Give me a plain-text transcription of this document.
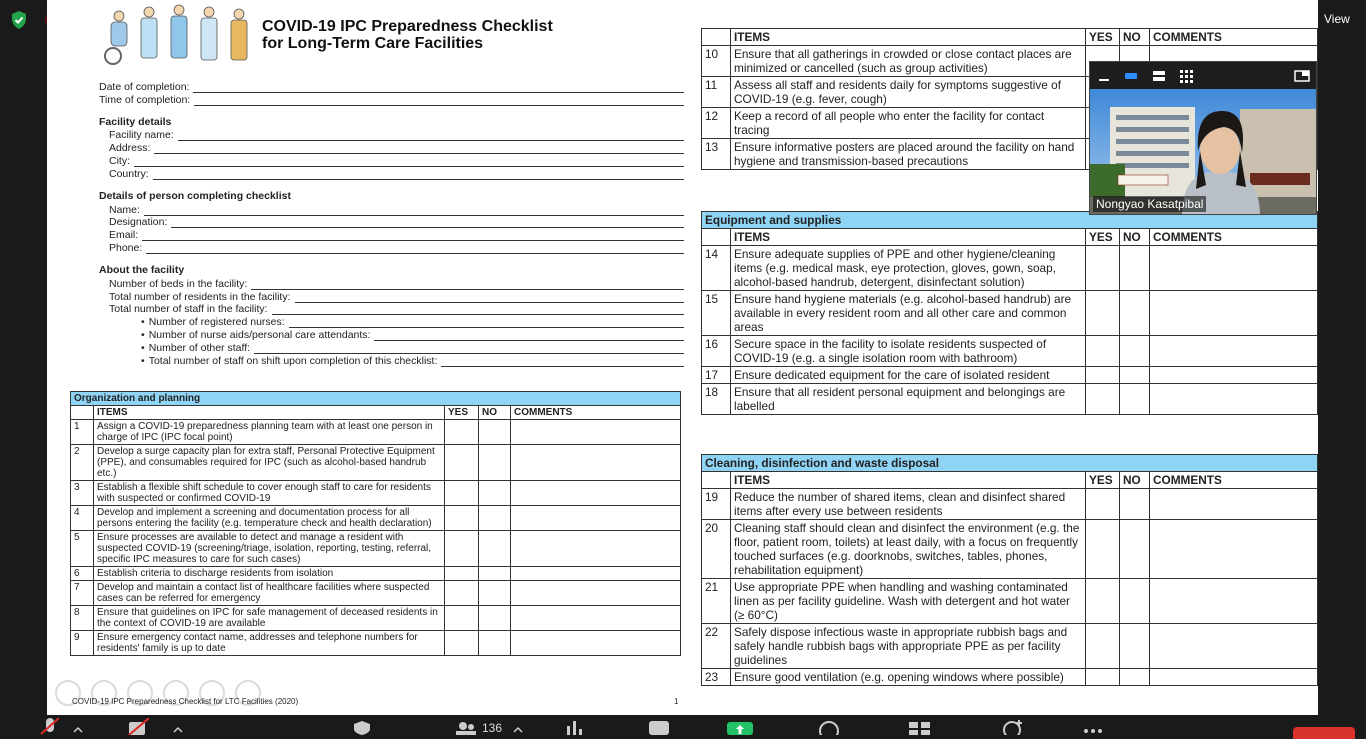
View
COVID-19 IPC Preparedness Checklist
for Long-Term Care Facilities
Date of completion:
Time of completion:
Facility details
Facility name:
Address:
City:
Country:
Details of person completing checklist
Name:
Designation:
Email:
Phone:
About the facility
Number of beds in the facility:
Total number of residents in the facility:
Total number of staff in the facility:
• Number of registered nurses:
• Number of nurse aids/personal care attendants:
• Number of other staff:
• Total number of staff on shift upon completion of this checklist:
Organization and planning				
	ITEMS	YES	NO	COMMENTS
1	Assign a COVID-19 preparedness planning team with at least one person in charge of IPC (IPC focal point)			
2	Develop a surge capacity plan for extra staff, Personal Protective Equipment (PPE), and consumables required for IPC (such as alcohol-based handrub etc.)			
3	Establish a flexible shift schedule to cover enough staff to care for residents with suspected or confirmed COVID-19			
4	Develop and implement a screening and documentation process for all persons entering the facility (e.g. temperature check and health declaration)			
5	Ensure processes are available to detect and manage a resident with suspected COVID-19 (screening/triage, isolation, reporting, testing, referral, specific IPC measures to care for such cases)			
6	Establish criteria to discharge residents from isolation			
7	Develop and maintain a contact list of healthcare facilities where suspected cases can be referred for emergency			
8	Ensure that guidelines on IPC for safe management of deceased residents in the context of COVID-19 are available			
9	Ensure emergency contact name, addresses and telephone numbers for residents' family is up to date			
	ITEMS	YES	NO	COMMENTS
10	Ensure that all gatherings in crowded or close contact places are minimized or cancelled (such as group activities)			
11	Assess all staff and residents daily for symptoms suggestive of COVID-19 (e.g. fever, cough)			
12	Keep a record of all people who enter the facility for contact tracing			
13	Ensure informative posters are placed around the facility on hand hygiene and transmission-based precautions			
Equipment and supplies				
	ITEMS	YES	NO	COMMENTS
14	Ensure adequate supplies of PPE and other hygiene/cleaning items (e.g. medical mask, eye protection, gloves, gown, soap, alcohol-based handrub, detergent, disinfectant solution)			
15	Ensure hand hygiene materials (e.g. alcohol-based handrub) are available in every resident room and all other care and common areas			
16	Secure space in the facility to isolate residents suspected of COVID-19 (e.g. a single isolation room with bathroom)			
17	Ensure dedicated equipment for the care of isolated resident			
18	Ensure that all resident personal equipment and belongings are labelled			
Cleaning, disinfection and waste disposal				
	ITEMS	YES	NO	COMMENTS
19	Reduce the number of shared items, clean and disinfect shared items after every use between residents			
20	Cleaning staff should clean and disinfect the environment (e.g. the floor, patient room, toilets) at least daily, with a focus on frequently touched surfaces (e.g. doorknobs, switches, tables, phones, rehabilitation equipment)			
21	Use appropriate PPE when handling and washing contaminated linen as per facility guideline. Wash with detergent and hot water (≥ 60°C)			
22	Safely dispose infectious waste in appropriate rubbish bags and safely handle rubbish bags with appropriate PPE as per facility guidelines			
23	Ensure good ventilation (e.g. opening windows where possible)			
COVID-19 IPC Preparedness Checklist for LTC Facilities (2020)	1
Nongyao Kasatpibal
136
